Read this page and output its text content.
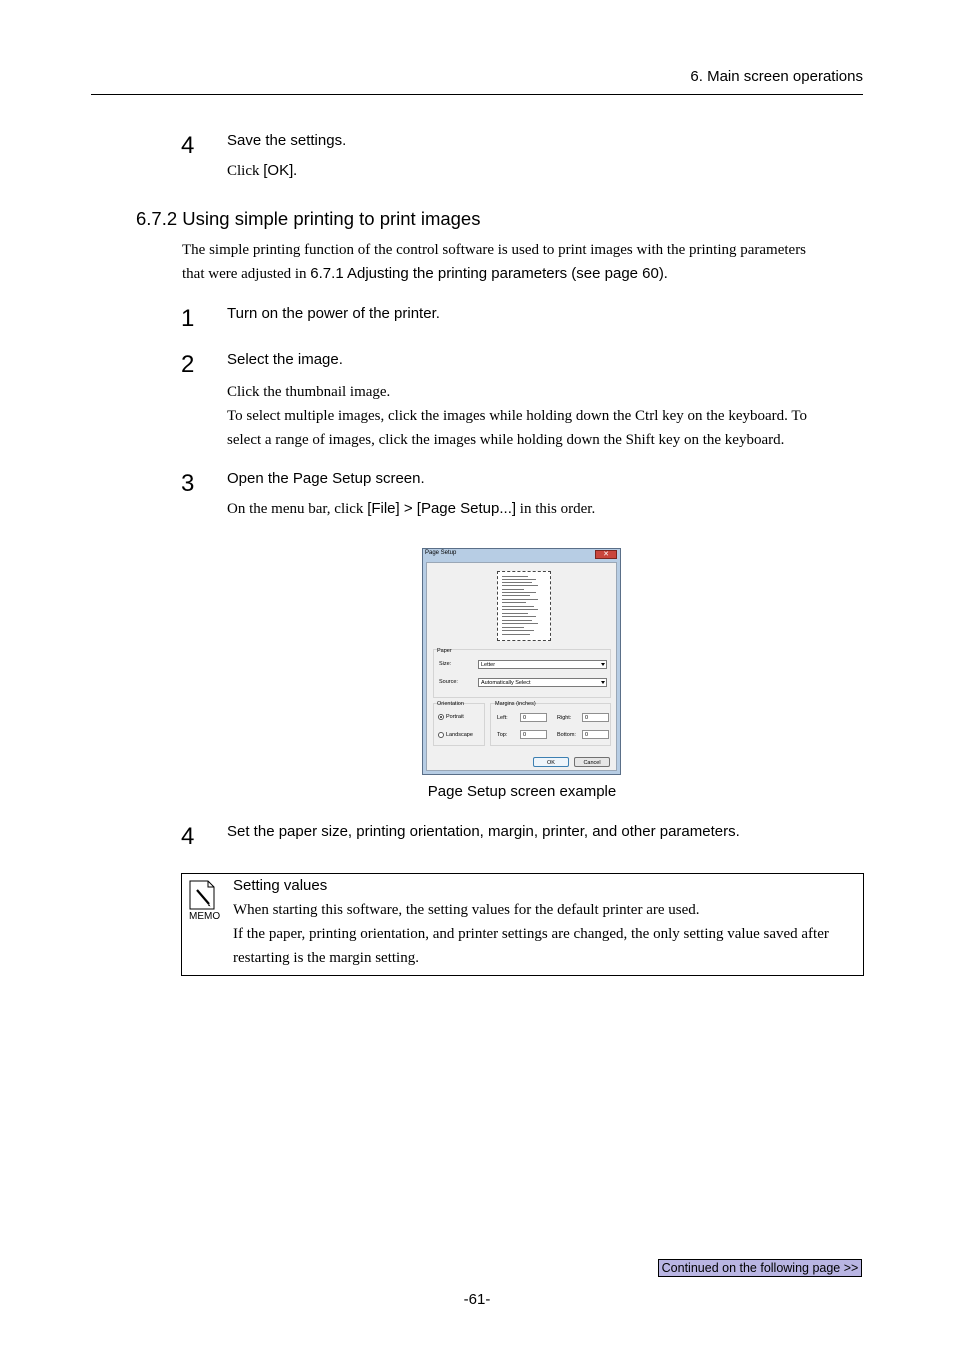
6. Main screen operations
4 Save the settings.
Click [OK].
6.7.2 Using simple printing to print images
The simple printing function of the control software is used to print images with the printing parameters
that were adjusted in 6.7.1 Adjusting the printing parameters (see page 60).
1 Turn on the power of the printer.
2 Select the image.
Click the thumbnail image.
To select multiple images, click the images while holding down the Ctrl key on the keyboard. To
select a range of images, click the images while holding down the Shift key on the keyboard.
3 Open the Page Setup screen.
On the menu bar, click [File] > [Page Setup...] in this order.
Page Setup	✕
Paper
Size:	Letter
Source:	Automatically Select
Orientation
Portrait
Landscape
Margins (inches)
Left:	0	Right: 0
Top:	0	Bottom: 0
OK	Cancel
Page Setup screen example
4 Set the paper size, printing orientation, margin, printer, and other parameters.
MEMO
Setting values
When starting this software, the setting values for the default printer are used.
If the paper, printing orientation, and printer settings are changed, the only setting value saved after
restarting is the margin setting.
Continued on the following page >>
-61-
